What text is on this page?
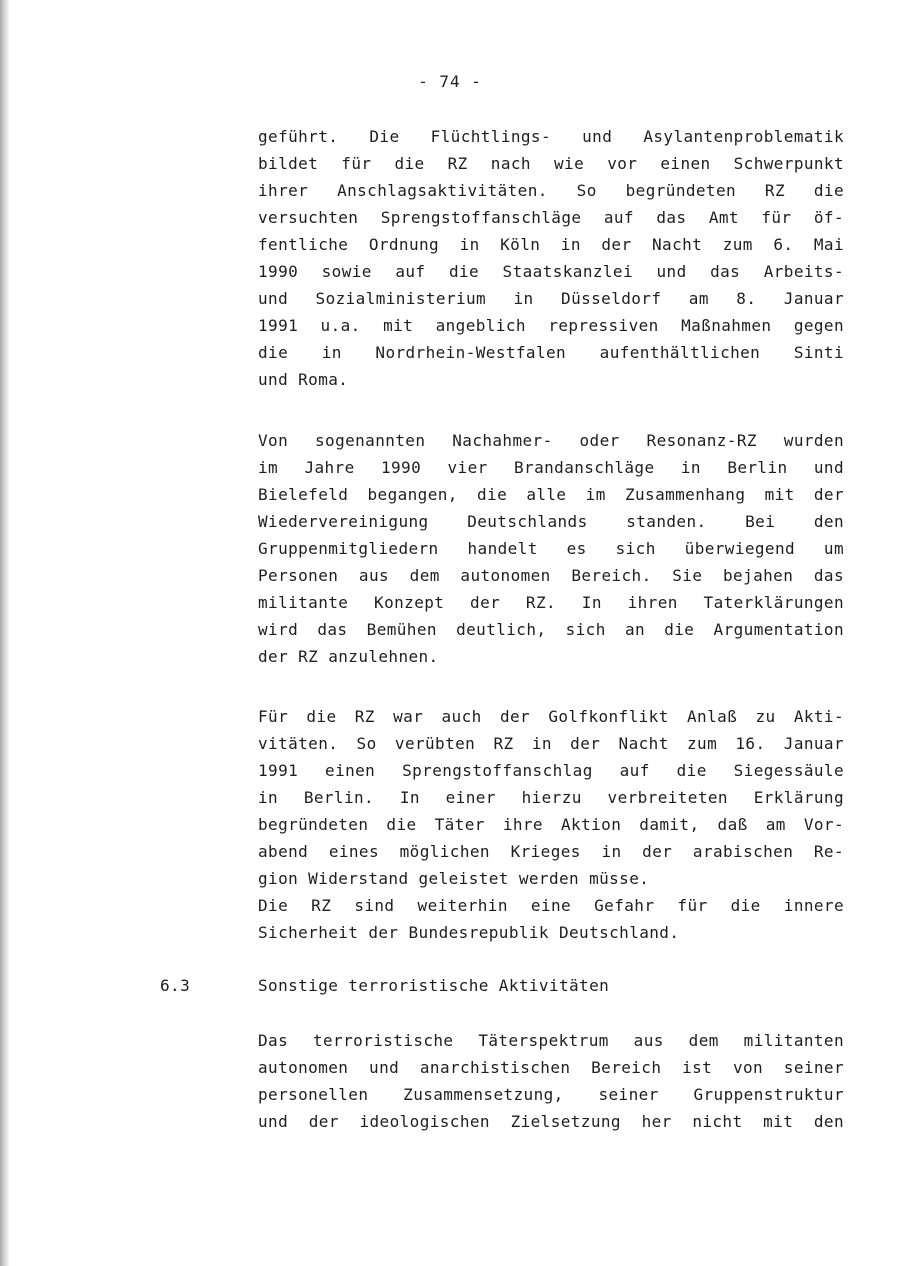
- 74 -
geführt. Die Flüchtlings- und Asylantenproblematik
bildet für die RZ nach wie vor einen Schwerpunkt
ihrer Anschlagsaktivitäten. So begründeten RZ die
versuchten Sprengstoffanschläge auf das Amt für öf-
fentliche Ordnung in Köln in der Nacht zum 6. Mai
1990 sowie auf die Staatskanzlei und das Arbeits-
und Sozialministerium in Düsseldorf am 8. Januar
1991 u.a. mit angeblich repressiven Maßnahmen gegen
die in Nordrhein-Westfalen aufenthältlichen Sinti
und Roma.
Von sogenannten Nachahmer- oder Resonanz-RZ wurden
im Jahre 1990 vier Brandanschläge in Berlin und
Bielefeld begangen, die alle im Zusammenhang mit der
Wiedervereinigung Deutschlands standen. Bei den
Gruppenmitgliedern handelt es sich überwiegend um
Personen aus dem autonomen Bereich. Sie bejahen das
militante Konzept der RZ. In ihren Taterklärungen
wird das Bemühen deutlich, sich an die Argumentation
der RZ anzulehnen.
Für die RZ war auch der Golfkonflikt Anlaß zu Akti-
vitäten. So verübten RZ in der Nacht zum 16. Januar
1991 einen Sprengstoffanschlag auf die Siegessäule
in Berlin. In einer hierzu verbreiteten Erklärung
begründeten die Täter ihre Aktion damit, daß am Vor-
abend eines möglichen Krieges in der arabischen Re-
gion Widerstand geleistet werden müsse.
Die RZ sind weiterhin eine Gefahr für die innere
Sicherheit der Bundesrepublik Deutschland.
6.3	Sonstige terroristische Aktivitäten
Das terroristische Täterspektrum aus dem militanten
autonomen und anarchistischen Bereich ist von seiner
personellen Zusammensetzung, seiner Gruppenstruktur
und der ideologischen Zielsetzung her nicht mit den
